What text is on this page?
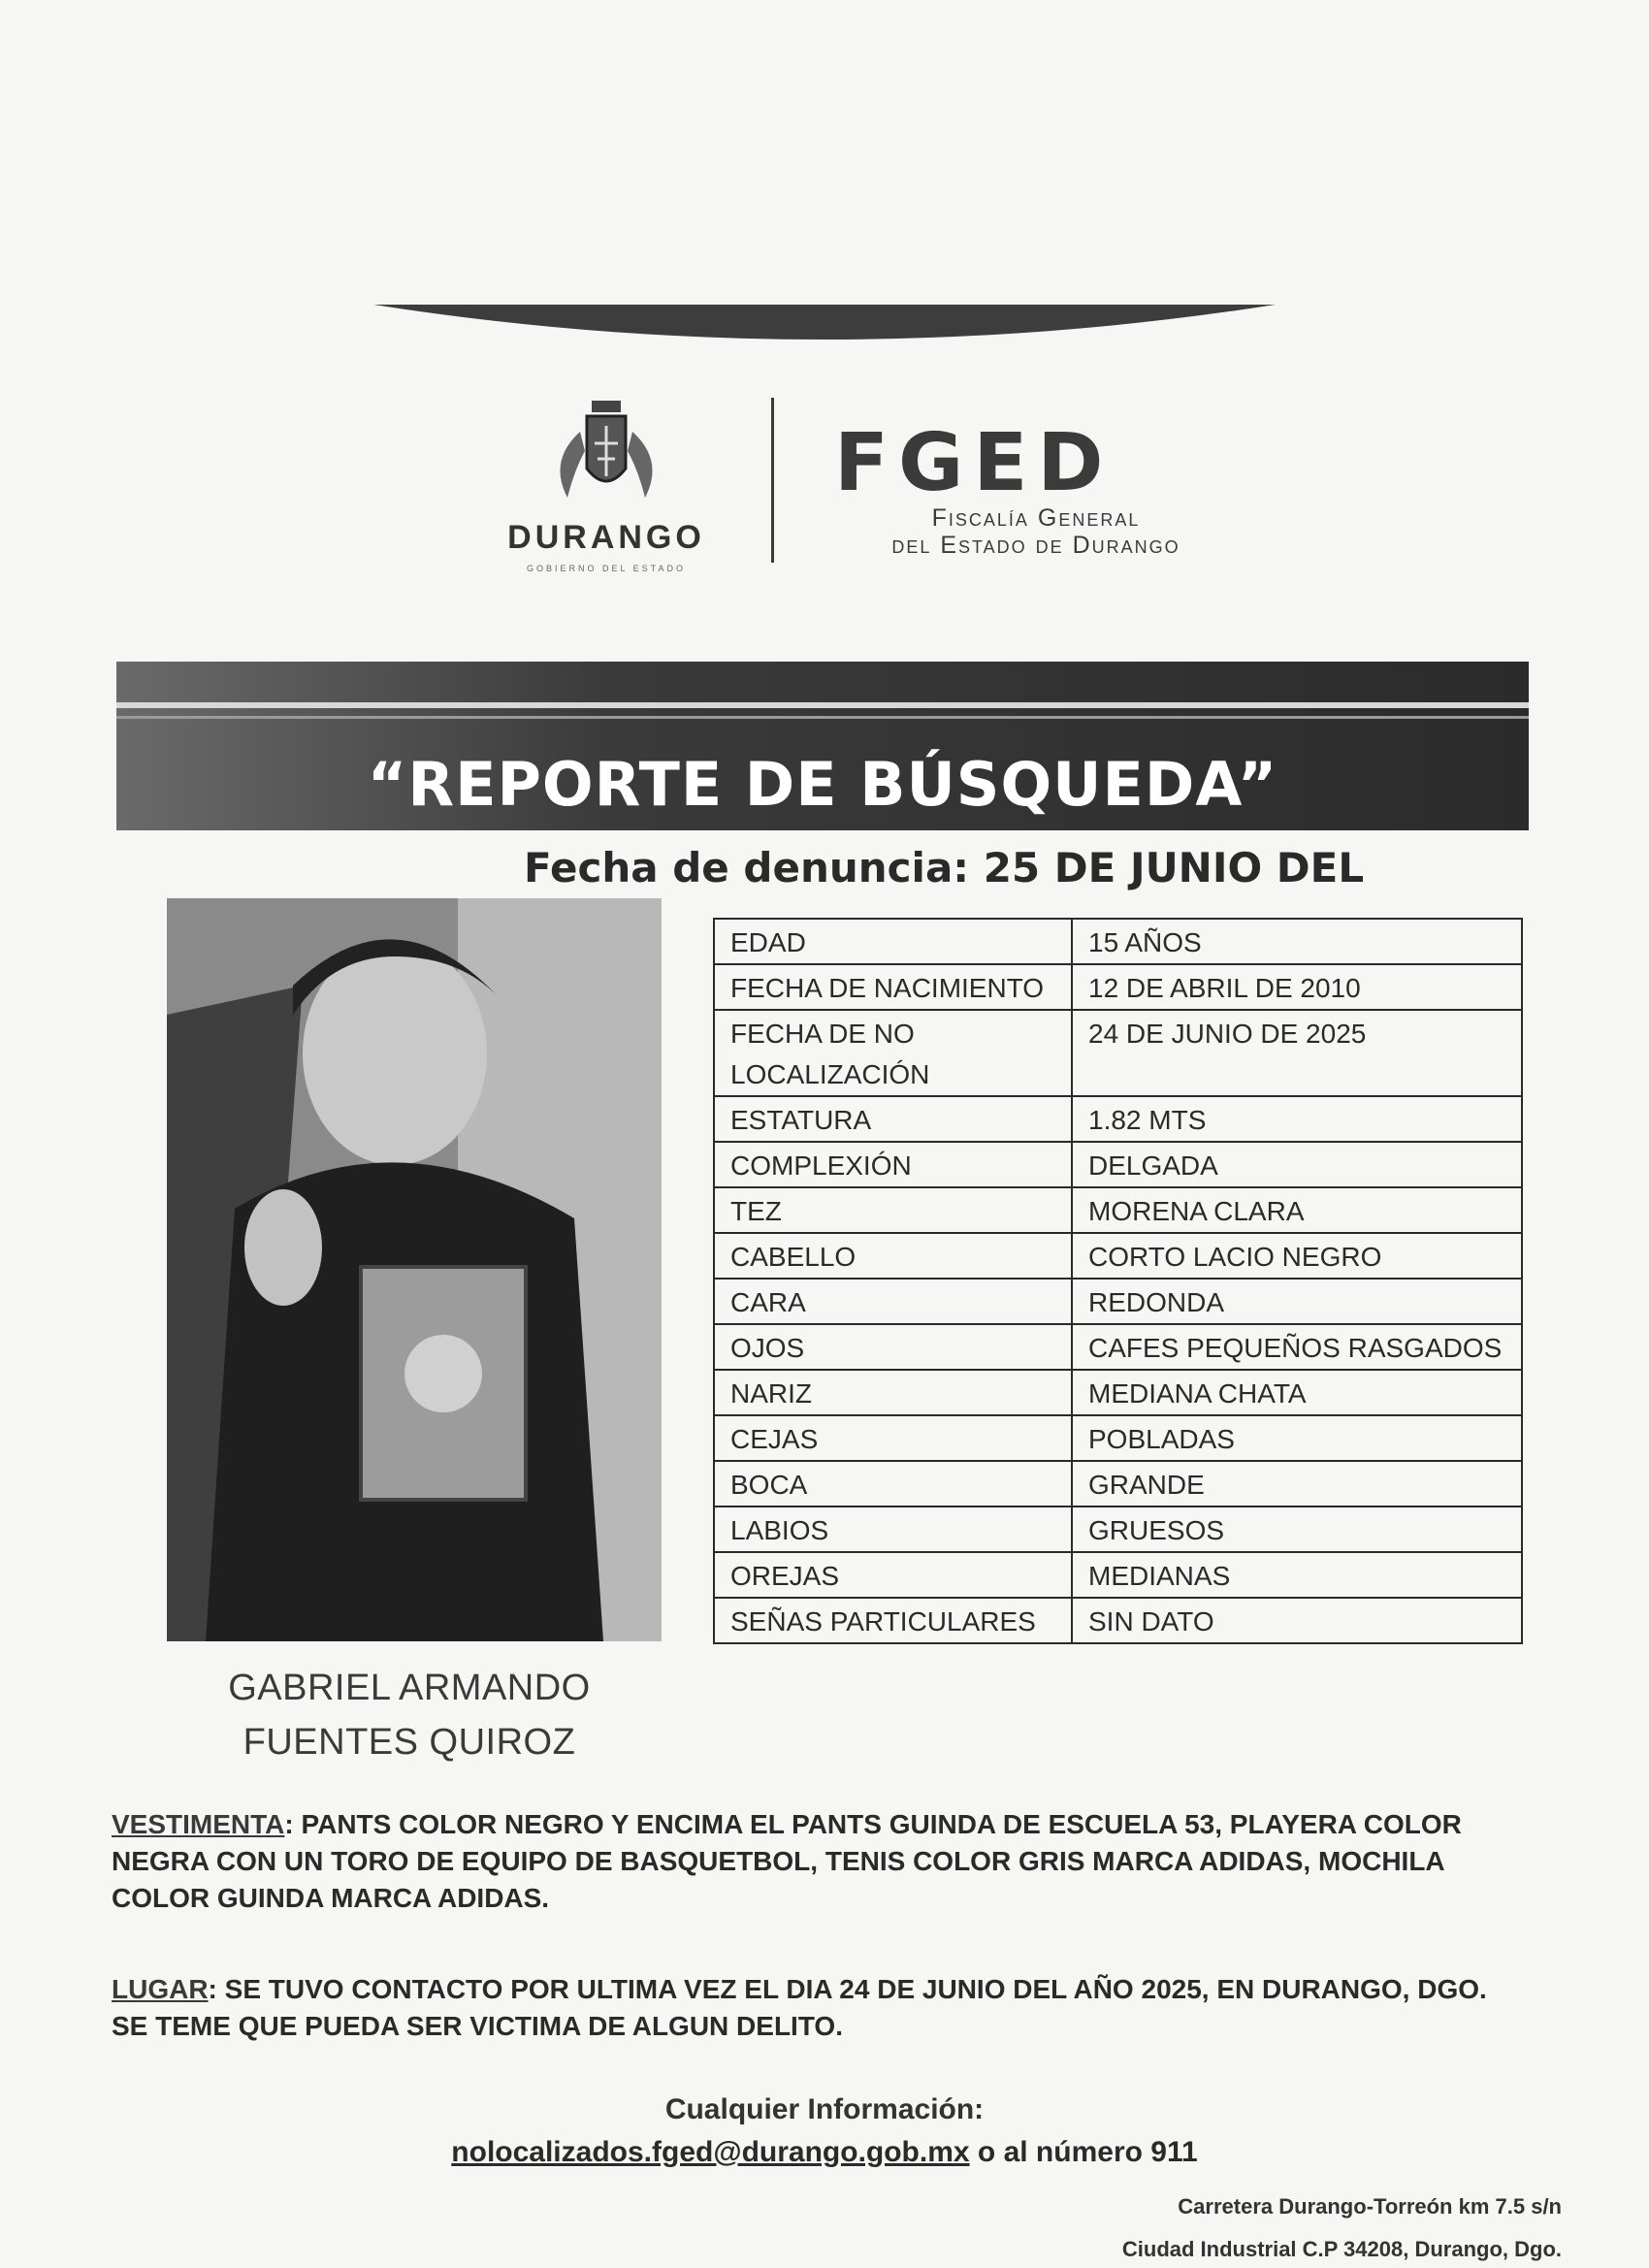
DURANGO
GOBIERNO DEL ESTADO
FGED
Fiscalía General
del Estado de Durango
“REPORTE DE BÚSQUEDA”
Fecha de denuncia: 25 DE JUNIO DEL
GABRIEL ARMANDO
FUENTES QUIROZ
EDAD	15 AÑOS
FECHA DE NACIMIENTO	12 DE ABRIL DE 2010
FECHA DE NO LOCALIZACIÓN	24 DE JUNIO DE 2025
ESTATURA	1.82 MTS
COMPLEXIÓN	DELGADA
TEZ	MORENA CLARA
CABELLO	CORTO LACIO NEGRO
CARA	REDONDA
OJOS	CAFES PEQUEÑOS RASGADOS
NARIZ	MEDIANA CHATA
CEJAS	POBLADAS
BOCA	GRANDE
LABIOS	GRUESOS
OREJAS	MEDIANAS
SEÑAS PARTICULARES	SIN DATO
VESTIMENTA: PANTS COLOR NEGRO Y ENCIMA EL PANTS GUINDA DE ESCUELA 53, PLAYERA COLOR NEGRA CON UN TORO DE EQUIPO DE BASQUETBOL, TENIS COLOR GRIS MARCA ADIDAS, MOCHILA COLOR GUINDA MARCA ADIDAS.
LUGAR: SE TUVO CONTACTO POR ULTIMA VEZ EL DIA 24 DE JUNIO DEL AÑO 2025, EN DURANGO, DGO. SE TEME QUE PUEDA SER VICTIMA DE ALGUN DELITO.
Cualquier Información:
nolocalizados.fged@durango.gob.mx o al número 911
Carretera Durango-Torreón km 7.5 s/n
Ciudad Industrial C.P 34208, Durango, Dgo.
